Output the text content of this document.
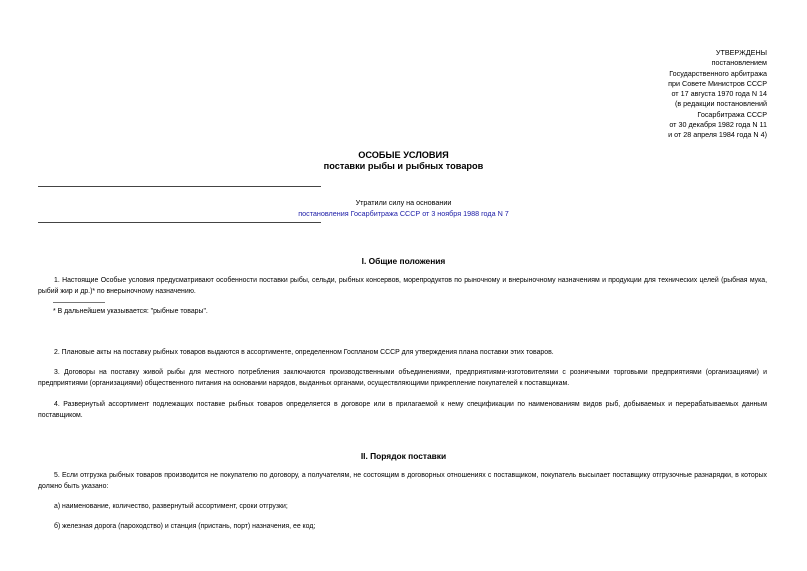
УТВЕРЖДЕНЫ
постановлением
Государственного арбитража
при Совете Министров СССР
от 17 августа 1970 года N 14
(в редакции постановлений
Госарбитража СССР
от 30 декабря 1982 года N 11
и от 28 апреля 1984 года N 4)
ОСОБЫЕ УСЛОВИЯ
поставки рыбы и рыбных товаров
Утратили силу на основании
постановления Госарбитража СССР от 3 ноября 1988 года N 7
I. Общие положения
1. Настоящие Особые условия предусматривают особенности поставки рыбы, сельди, рыбных консервов, морепродуктов по рыночному и внерыночному назначениям и продукции для технических целей (рыбная мука, рыбий жир и др.)* по внерыночному назначению.
* В дальнейшем указывается: "рыбные товары".
2. Плановые акты на поставку рыбных товаров выдаются в ассортименте, определенном Госпланом СССР для утверждения плана поставки этих товаров.
3. Договоры на поставку живой рыбы для местного потребления заключаются производственными объединениями, предприятиями-изготовителями с розничными торговыми предприятиями (организациями) и предприятиями (организациями) общественного питания на основании нарядов, выданных органами, осуществляющими прикрепление покупателей к поставщикам.
4. Развернутый ассортимент подлежащих поставке рыбных товаров определяется в договоре или в прилагаемой к нему спецификации по наименованиям видов рыб, добываемых и перерабатываемых данным поставщиком.
II. Порядок поставки
5. Если отгрузка рыбных товаров производится не покупателю по договору, а получателям, не состоящим в договорных отношениях с поставщиком, покупатель высылает поставщику отгрузочные разнарядки, в которых должно быть указано:
а) наименование, количество, развернутый ассортимент, сроки отгрузки;
б) железная дорога (пароходство) и станция (пристань, порт) назначения, ее код;
